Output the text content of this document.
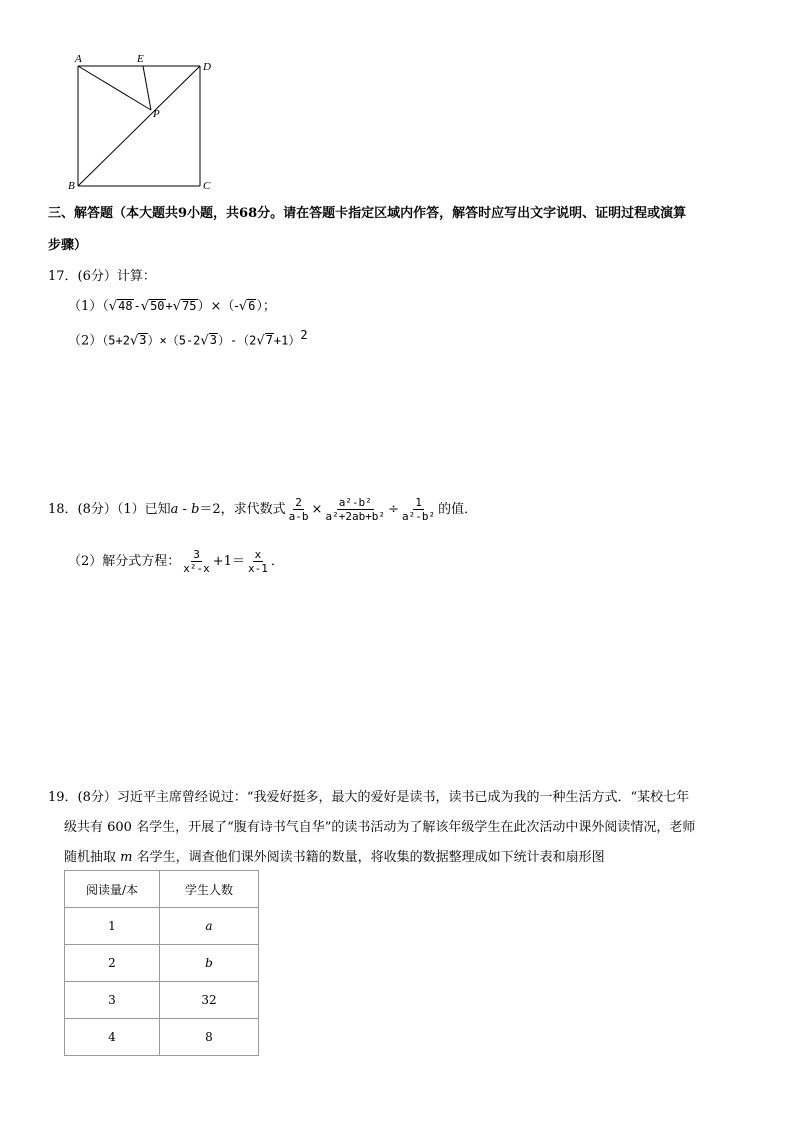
A	E
D
P
B	C
三、解答题（本大题共9小题，共68分。请在答题卡指定区域内作答，解答时应写出文字说明、证明过程或演算
步骤）
17．(6分）计算：
（1）（√48-√50+√75）×（-√6）；
$(2)(5+2√3)\times(5-2√3)-(2√7+1)^2$
18．(8分）（1）已知a - b＝2，求代数式 $\frac{2}{a-b} \times \frac{\text{a²-b²}}{\text{a²+2ab+b²}} \div \frac{1}{\text{a²-b²}}$ 的值．
（2）解分式方程： $\frac{3}{\text{x²-x}} +1= \frac{x}{x-1}$ ．
19．(8分）习近平主席曾经说过：“我爱好挺多，最大的爱好是读书，读书已成为我的一种生活方式．“某校七年
级共有 600 名学生，开展了“腹有诗书气自华”的读书活动为了解该年级学生在此次活动中课外阅读情况，老师
随机抽取 m 名学生，调查他们课外阅读书籍的数量，将收集的数据整理成如下统计表和扇形图
阅读量/本	学生人数
1	a
2	b
3	32
4	8
